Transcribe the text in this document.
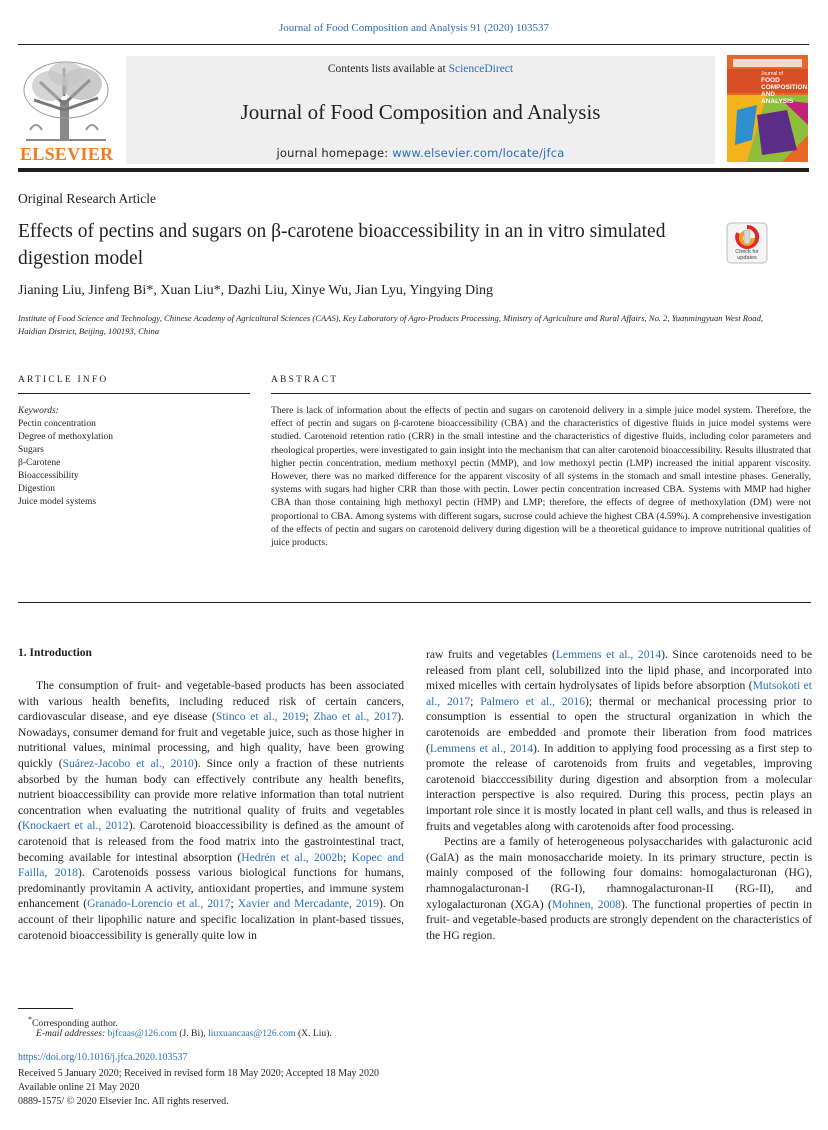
Journal of Food Composition and Analysis 91 (2020) 103537
ELSEVIER
Contents lists available at ScienceDirect
Journal of Food Composition and Analysis
journal homepage: www.elsevier.com/locate/jfca
Journal of
FOOD COMPOSITION AND ANALYSIS
Original Research Article
Effects of pectins and sugars on β-carotene bioaccessibility in an in vitro simulated digestion model	Check for updates
Jianing Liu, Jinfeng Bi*, Xuan Liu*, Dazhi Liu, Xinye Wu, Jian Lyu, Yingying Ding
Institute of Food Science and Technology, Chinese Academy of Agricultural Sciences (CAAS), Key Laboratory of Agro-Products Processing, Ministry of Agriculture and Rural Affairs, No. 2, Yuanmingyuan West Road, Haidian District, Beijing, 100193, China
ARTICLE INFO	ABSTRACT
Keywords:
Pectin concentration
Degree of methoxylation
Sugars
β-Carotene
Bioaccessibility
Digestion
Juice model systems
There is lack of information about the effects of pectin and sugars on carotenoid delivery in a simple juice model system. Therefore, the effect of pectin and sugars on β-carotene bioaccessibility (CBA) and the characteristics of digestive fluids in juice model systems were studied. Carotenoid retention ratio (CRR) in the small intestine and the characteristics of digestive fluids, including color parameters and rheological properties, were investigated to gain insight into the mechanism that can alter carotenoid bioaccessibility. Results illustrated that higher pectin concentration, medium methoxyl pectin (MMP), and low methoxyl pectin (LMP) increased the initial apparent viscosity. However, there was no marked difference for the apparent viscosity of all systems in the stomach and small intestine phases. Generally, systems with sugars had higher CRR than those with pectin. Lower pectin concentration increased CBA. Systems with MMP had higher CBA than those containing high methoxyl pectin (HMP) and LMP; therefore, the effects of degree of methoxylation (DM) were not proportional to CBA. Among systems with different sugars, sucrose could achieve the highest CBA (4.59%). A comprehensive investigation of the effects of pectin and sugars on carotenoid delivery during digestion will be a theoretical guidance to improve nutritional qualities of juice products.
1. Introduction

The consumption of fruit- and vegetable-based products has been associated with various health benefits, including reduced risk of certain cancers, cardiovascular disease, and eye disease (Stinco et al., 2019; Zhao et al., 2017). Nowadays, consumer demand for fruit and vegetable juice, such as those higher in nutritional values, minimal processing, and high quality, have been growing quickly (Suárez-Jacobo et al., 2010). Since only a fraction of these nutrients absorbed by the human body can effectively contribute any health benefits, nutrient bioaccessibility can provide more relative information than total nutrient concentration when evaluating the nutritional quality of fruits and vegetables (Knockaert et al., 2012). Carotenoid bioaccessibility is defined as the amount of carotenoid that is released from the food matrix into the gastrointestinal tract, becoming available for intestinal absorption (Hedrén et al., 2002b; Kopec and Failla, 2018). Carotenoids possess various biological functions for humans, predominantly provitamin A activity, antioxidant properties, and immune system enhancement (Granado-Lorencio et al., 2017; Xavier and Mercadante, 2019). On account of their lipophilic nature and specific localization in plant-based tissues, carotenoid bioaccessibility is generally quite low in

raw fruits and vegetables (Lemmens et al., 2014). Since carotenoids need to be released from plant cell, solubilized into the lipid phase, and incorporated into mixed micelles with certain hydrolysates of lipids before absorption (Mutsokoti et al., 2017; Palmero et al., 2016); thermal or mechanical processing prior to consumption is essential to open the structural organization in which the carotenoids are embedded and promote their liberation from food matrices (Lemmens et al., 2014). In addition to applying food processing as a first step to promote the release of carotenoids from fruits and vegetables, improving carotenoid biacccessibility during digestion and absorption from a molecular interaction perspective is also required. During this process, pectin plays an important role since it is mostly located in plant cell walls, and thus is released in fruits and vegetables along with carotenoids after food processing.

Pectins are a family of heterogeneous polysaccharides with galacturonic acid (GalA) as the main monosaccharide moiety. In its primary structure, pectin is mainly composed of the following four domains: homogalacturonan (HG), rhamnogalacturonan-I (RG-I), rhamnogalacturonan-II (RG-II), and xylogalacturonan (XGA) (Mohnen, 2008). The functional properties of pectin in fruit- and vegetable-based products are strongly dependent on the characteristics of the HG region.

*Corresponding author.
E-mail addresses: bjfcaas@126.com (J. Bi), liuxuancaas@126.com (X. Liu).
https://doi.org/10.1016/j.jfca.2020.103537
Received 5 January 2020; Received in revised form 18 May 2020; Accepted 18 May 2020
Available online 21 May 2020
0889-1575/ © 2020 Elsevier Inc. All rights reserved.
